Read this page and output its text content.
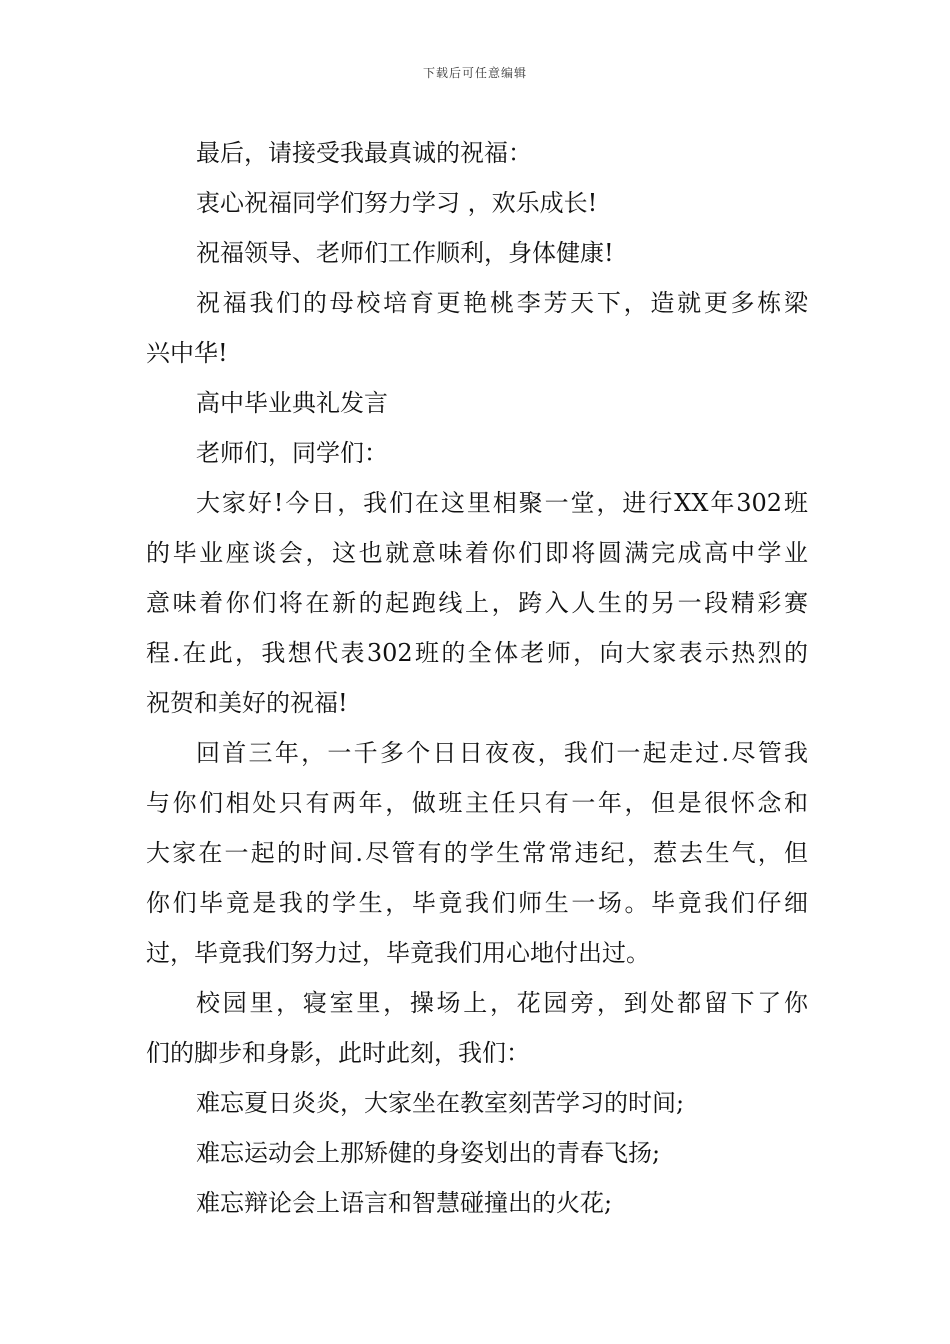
下载后可任意编辑
最后，请接受我最真诚的祝福：
衷心祝福同学们努力学习 ，欢乐成长!
祝福领导、老师们工作顺利，身体健康!
祝福我们的母校培育更艳桃李芳天下，造就更多栋梁
兴中华!
高中毕业典礼发言
老师们，同学们：
大家好!今日，我们在这里相聚一堂，进行XX年302班
的毕业座谈会，这也就意味着你们即将圆满完成高中学业
意味着你们将在新的起跑线上，跨入人生的另一段精彩赛
程.在此，我想代表302班的全体老师，向大家表示热烈的
祝贺和美好的祝福!
回首三年，一千多个日日夜夜，我们一起走过.尽管我
与你们相处只有两年，做班主任只有一年，但是很怀念和
大家在一起的时间.尽管有的学生常常违纪，惹去生气，但
你们毕竟是我的学生，毕竟我们师生一场。毕竟我们仔细
过，毕竟我们努力过，毕竟我们用心地付出过。
校园里，寝室里，操场上，花园旁，到处都留下了你
们的脚步和身影，此时此刻，我们：
难忘夏日炎炎，大家坐在教室刻苦学习的时间;
难忘运动会上那矫健的身姿划出的青春飞扬;
难忘辩论会上语言和智慧碰撞出的火花;
